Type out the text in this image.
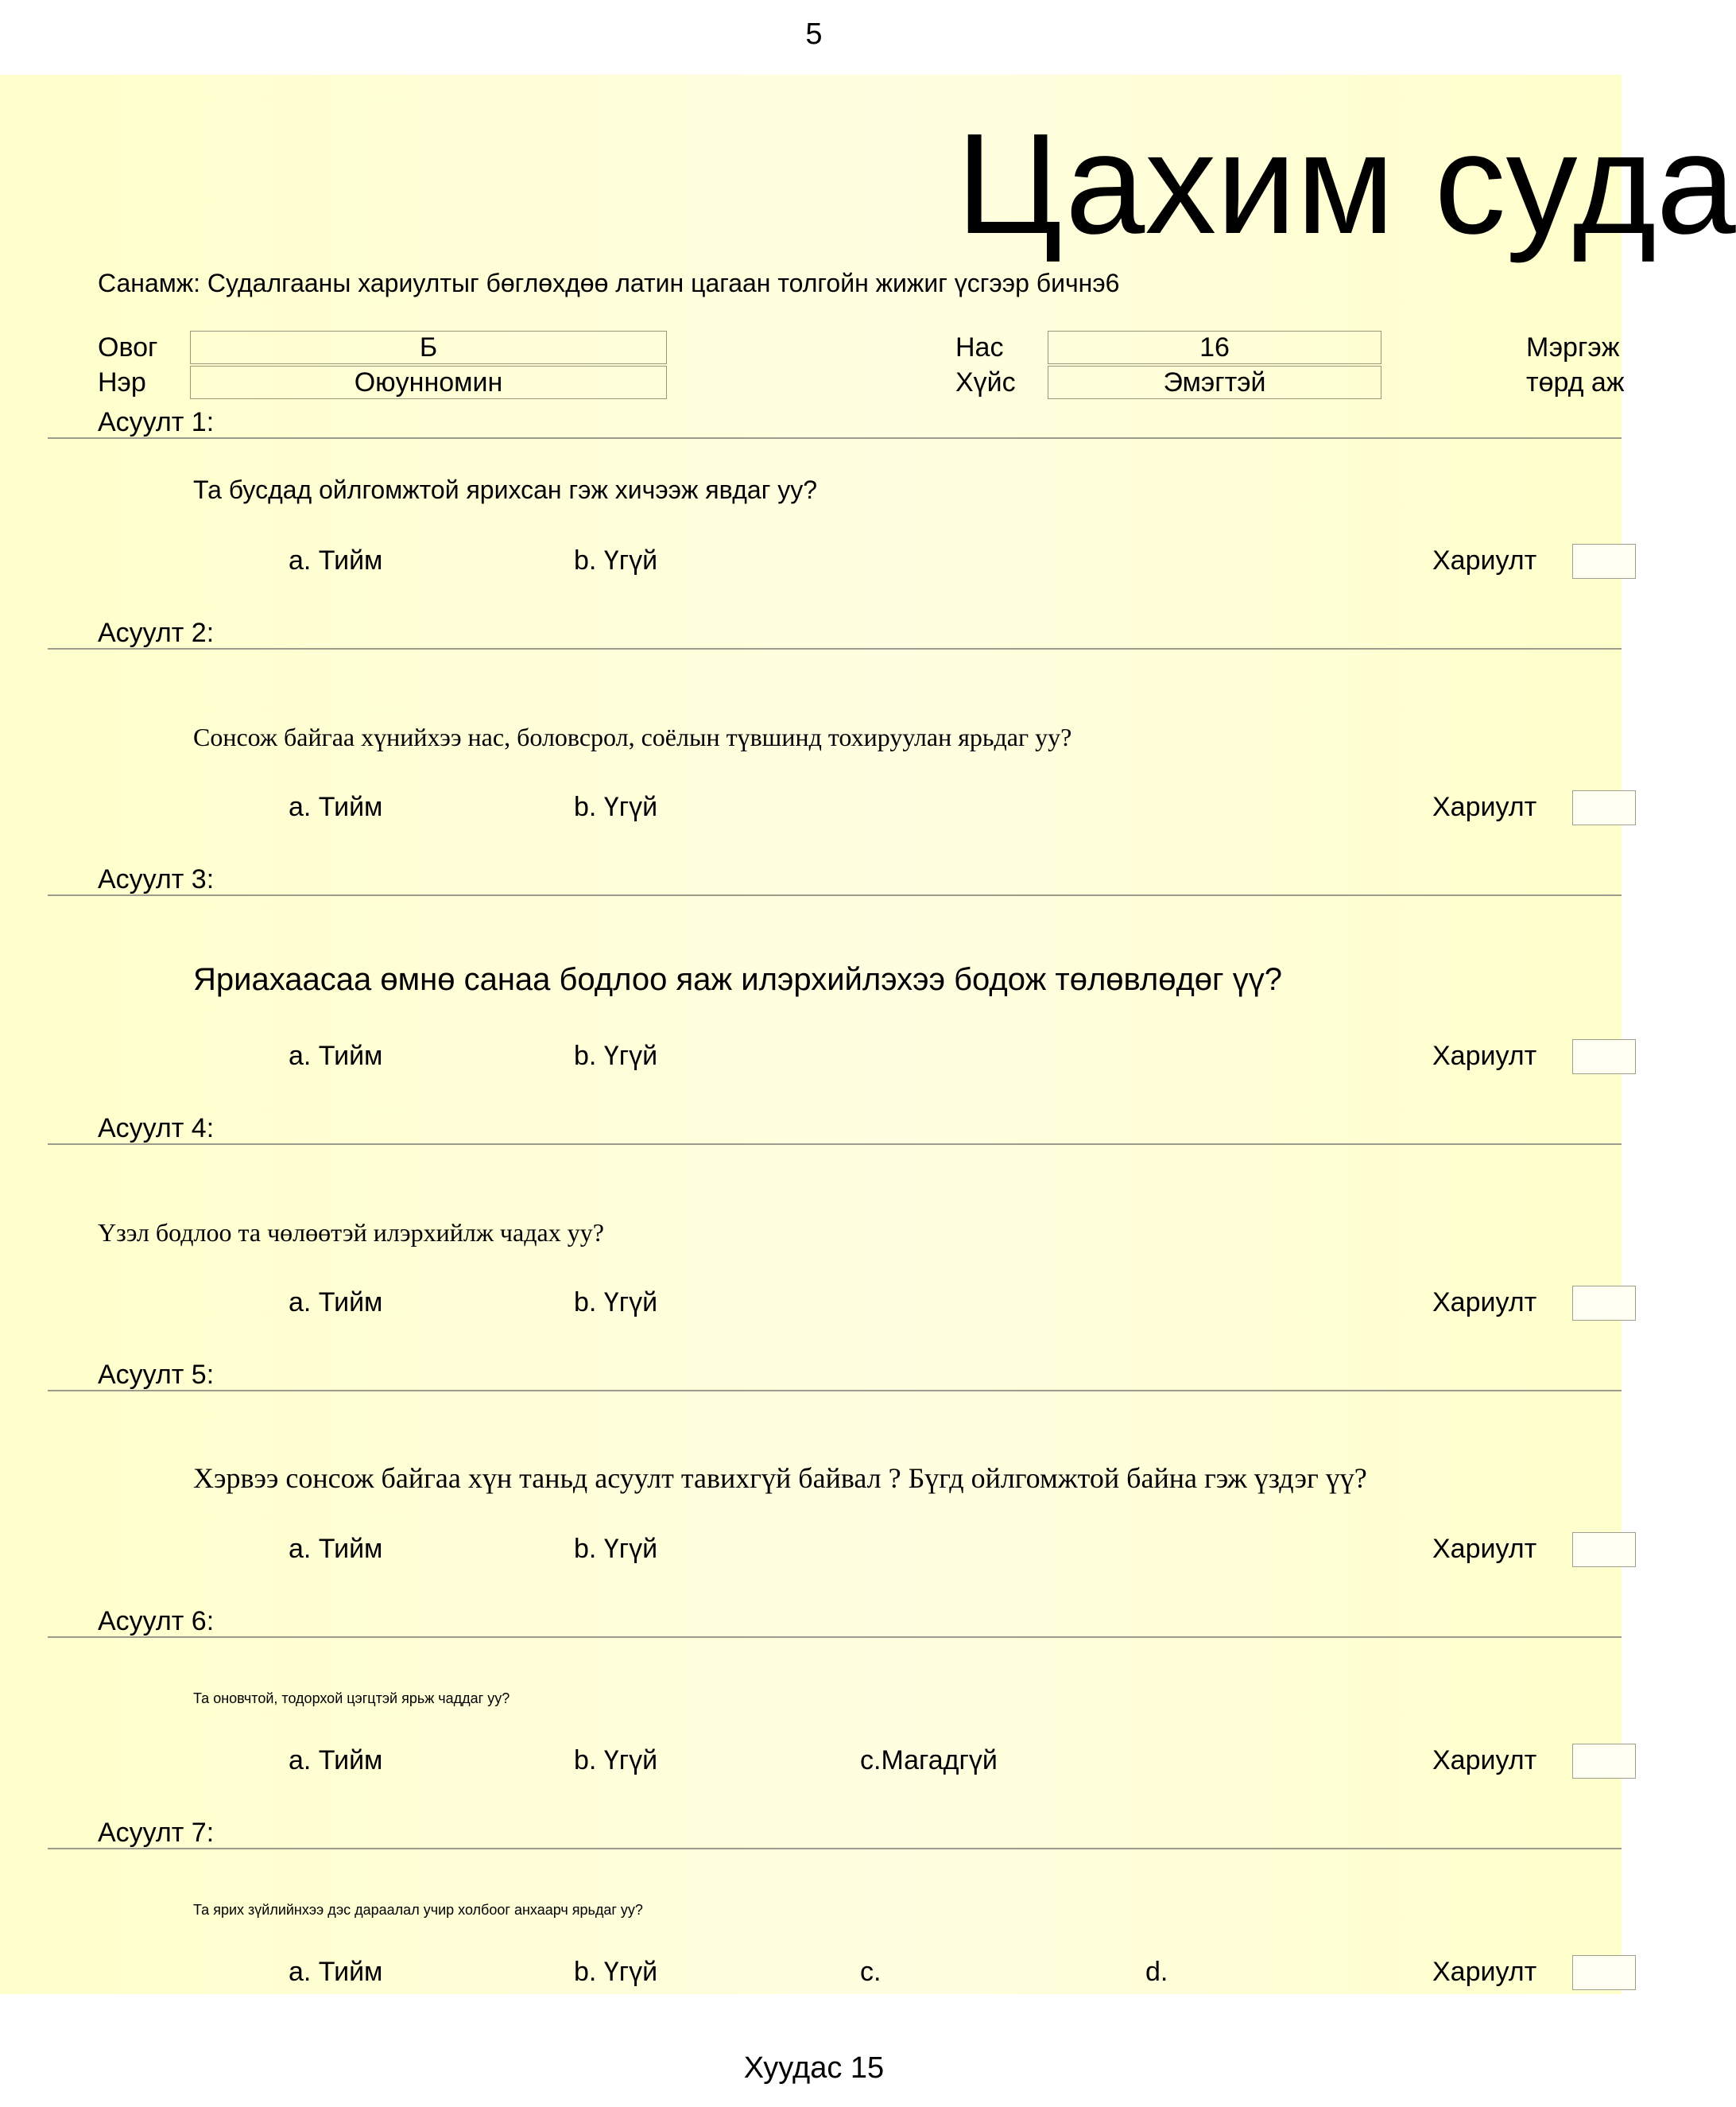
5
Цахим суда
Санамж: Судалгааны хариултыг бөглөхдөө латин цагаан толгойн жижиг үсгээр бичнэ6
Овог	Б
Нэр	Оюунномин
Нас	16
Хүйс	Эмэгтэй
Мэргэж
төрд аж
Асуулт 1:
Та бусдад ойлгомжтой ярихсан гэж хичээж явдаг уу?
a. Тийм	b. Үгүй	Хариулт
Асуулт 2:
Сонсож байгаа хүнийхээ нас, боловсрол, соёлын түвшинд тохируулан ярьдаг уу?
a. Тийм	b. Үгүй	Хариулт
Асуулт 3:
Яриахаасаа өмнө санаа бодлоо яаж илэрхийлэхээ бодож төлөвлөдөг үү?
a. Тийм	b. Үгүй	Хариулт
Асуулт 4:
Үзэл бодлоо та чөлөөтэй илэрхийлж чадах уу?
a. Тийм	b. Үгүй	Хариулт
Асуулт 5:
Хэрвээ сонсож байгаа хүн таньд асуулт тавихгүй байвал ? Бүгд ойлгомжтой байна гэж үздэг үү?
a. Тийм	b. Үгүй	Хариулт
Асуулт 6:
Та оновчтой, тодорхой цэгцтэй ярьж чаддаг уу?
a. Тийм	b. Үгүй	c.Магадгүй	Хариулт
Асуулт 7:
Та ярих зүйлийнхээ дэс дараалал учир холбоог анхаарч ярьдаг уу?
a. Тийм	b. Үгүй	c.	d.	Хариулт
Хуудас 15
